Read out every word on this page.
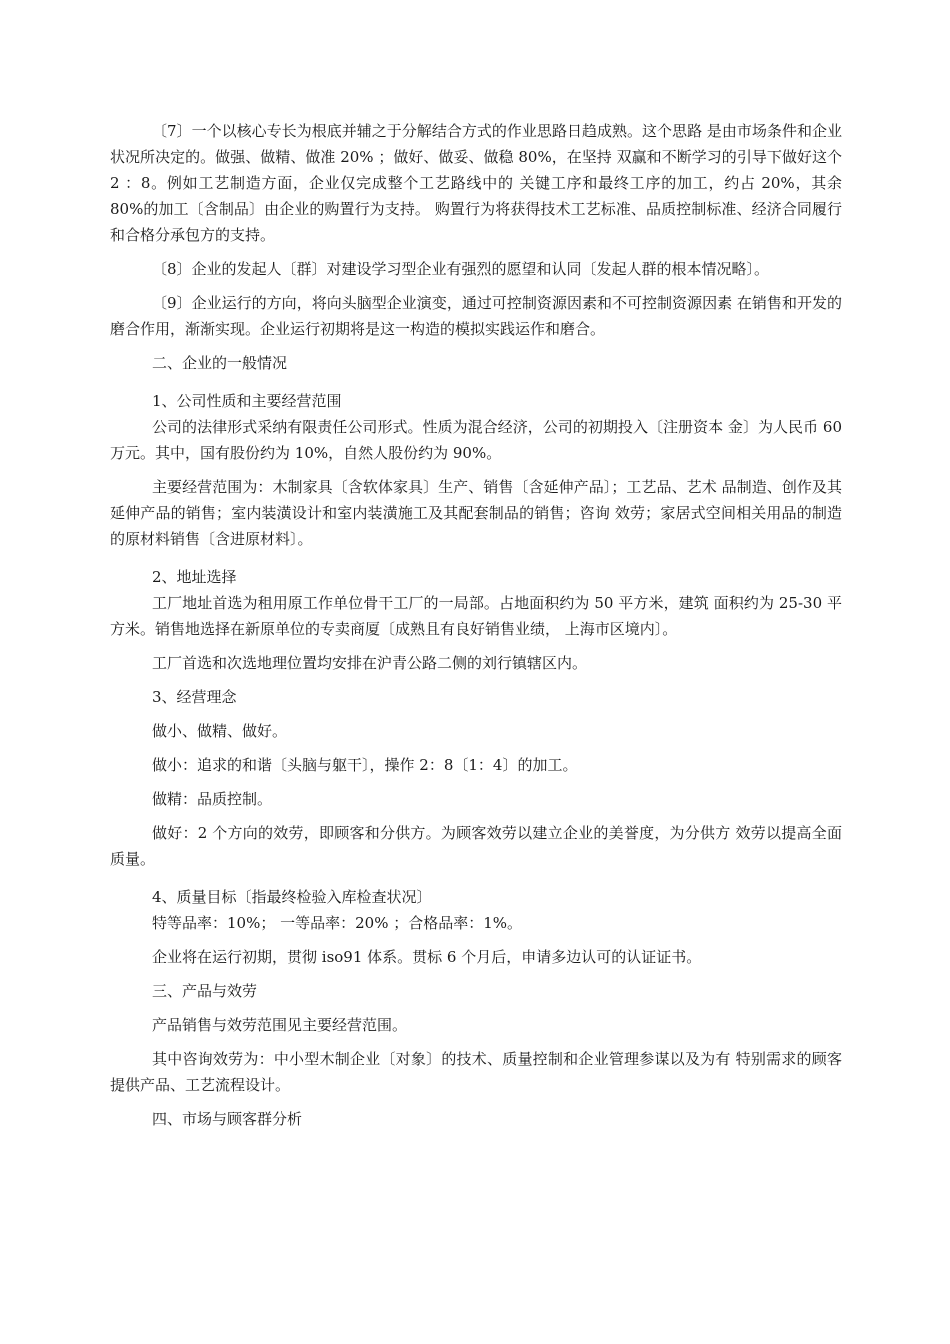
〔7〕一个以核心专长为根底并辅之于分解结合方式的作业思路日趋成熟。这个思路 是由市场条件和企业状况所决定的。做强、做精、做准 20% ；做好、做妥、做稳 80%，在坚持 双赢和不断学习的引导下做好这个 2 ：8。例如工艺制造方面，企业仅完成整个工艺路线中的 关键工序和最终工序的加工，约占 20%，其余 80%的加工〔含制品〕由企业的购置行为支持。 购置行为将获得技术工艺标准、品质控制标准、经济合同履行和合格分承包方的支持。

〔8〕企业的发起人〔群〕对建设学习型企业有强烈的愿望和认同〔发起人群的根本情况略〕。

〔9〕企业运行的方向，将向头脑型企业演变，通过可控制资源因素和不可控制资源因素 在销售和开发的磨合作用，渐渐实现。企业运行初期将是这一构造的模拟实践运作和磨合。

二、企业的一般情况

1、公司性质和主要经营范围

公司的法律形式采纳有限责任公司形式。性质为混合经济，公司的初期投入〔注册资本 金〕为人民币 60 万元。其中，国有股份约为 10%，自然人股份约为 90%。

主要经营范围为：木制家具〔含软体家具〕生产、销售〔含延伸产品〕；工艺品、艺术 品制造、创作及其延伸产品的销售；室内装潢设计和室内装潢施工及其配套制品的销售；咨询 效劳；家居式空间相关用品的制造的原材料销售〔含进原材料〕。

2、地址选择

工厂地址首选为租用原工作单位骨干工厂的一局部。占地面积约为 50 平方米，建筑 面积约为 25-30 平方米。销售地选择在新原单位的专卖商厦〔成熟且有良好销售业绩， 上海市区境内〕。

工厂首选和次选地理位置均安排在沪青公路二侧的刘行镇辖区内。

3、经营理念

做小、做精、做好。

做小：追求的和谐〔头脑与躯干〕，操作 2：8〔1：4〕的加工。

做精：品质控制。

做好：2 个方向的效劳，即顾客和分供方。为顾客效劳以建立企业的美誉度，为分供方 效劳以提高全面质量。

4、质量目标〔指最终检验入库检查状况〕

特等品率：10%； 一等品率：20% ；合格品率：1%。

企业将在运行初期，贯彻 iso91 体系。贯标 6 个月后，申请多边认可的认证证书。

三、产品与效劳

产品销售与效劳范围见主要经营范围。

其中咨询效劳为：中小型木制企业〔对象〕的技术、质量控制和企业管理参谋以及为有 特别需求的顾客提供产品、工艺流程设计。

四、市场与顾客群分析
